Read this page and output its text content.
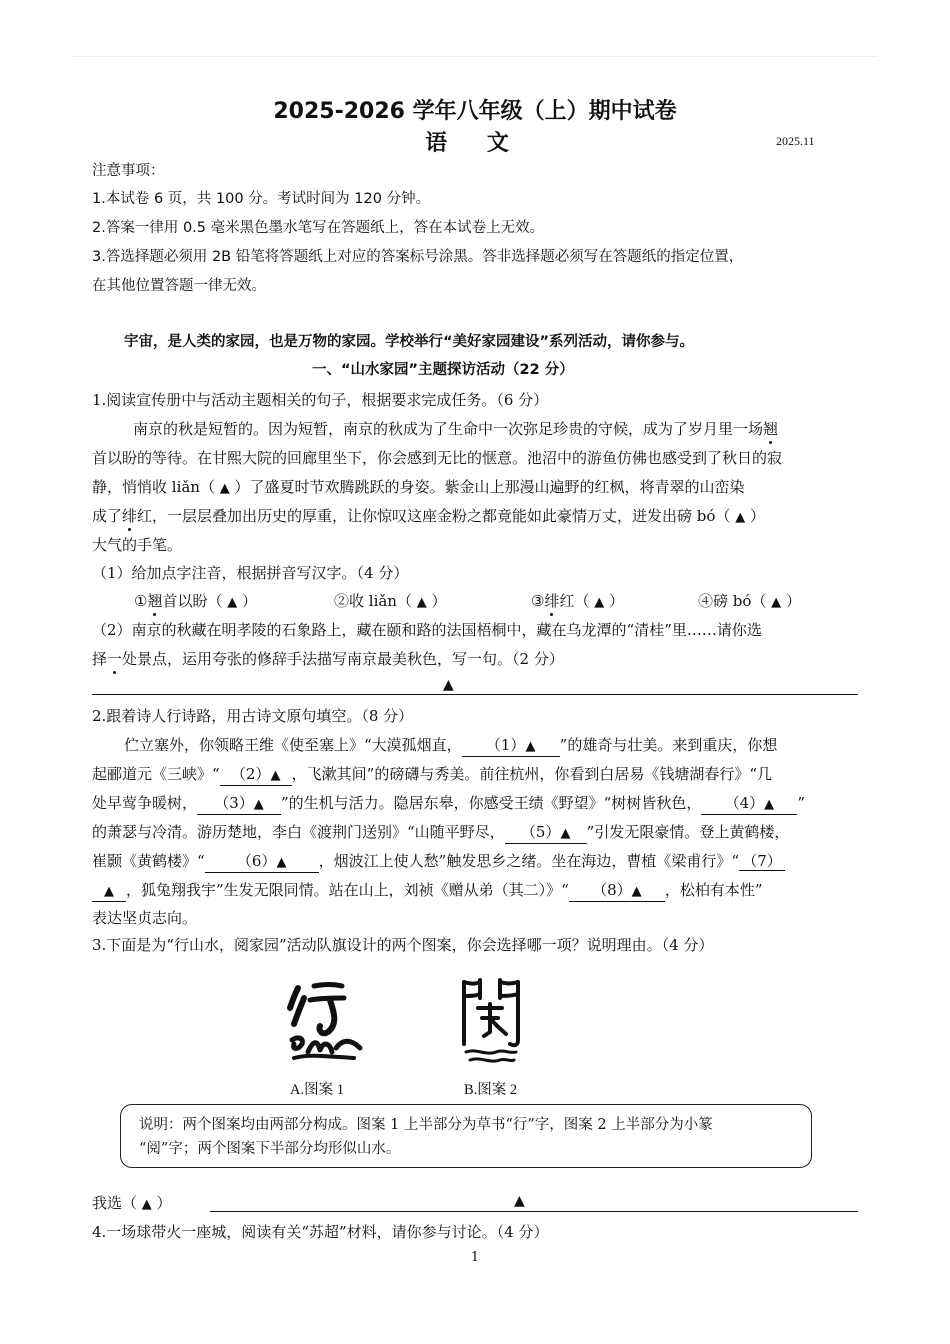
2025-2026 学年八年级（上）期中试卷
语 文	2025.11
注意事项：
1.本试卷 6 页，共 100 分。考试时间为 120 分钟。
2.答案一律用 0.5 毫米黑色墨水笔写在答题纸上，答在本试卷上无效。
3.答选择题必须用 2B 铅笔将答题纸上对应的答案标号涂黑。答非选择题必须写在答题纸的指定位置，
在其他位置答题一律无效。
宇宙，是人类的家园，也是万物的家园。学校举行“美好家园建设”系列活动，请你参与。
一、“山水家园”主题探访活动（22 分）
1.阅读宣传册中与活动主题相关的句子，根据要求完成任务。（6 分）
南京的秋是短暂的。因为短暂，南京的秋成为了生命中一次弥足珍贵的守候，成为了岁月里一场翘
首以盼的等待。在甘熙大院的回廊里坐下，你会感到无比的惬意。池沼中的游鱼仿佛也感受到了秋日的寂
静，悄悄收 liǎn（ ▲ ）了盛夏时节欢腾跳跃的身姿。紫金山上那漫山遍野的红枫，将青翠的山峦染
成了绯红，一层层叠加出历史的厚重，让你惊叹这座金粉之都竟能如此豪情万丈，迸发出磅 bó（ ▲ ）
大气的手笔。
（1）给加点字注音，根据拼音写汉字。（4 分）
①翘首以盼（ ▲ ）	②收 liǎn（ ▲ ）	③绯红（ ▲ ）	④磅 bó（ ▲ ）
（2）南京的秋藏在明孝陵的石象路上，藏在颐和路的法国梧桐中，藏在乌龙潭的“清桂”里……请你选
择一处景点，运用夸张的修辞手法描写南京最美秋色，写一句。（2 分）
▲
2.跟着诗人行诗路，用古诗文原句填空。（8 分）
伫立塞外，你领略王维《使至塞上》“大漠孤烟直， （1）▲ ”的雄奇与壮美。来到重庆，你想
起郦道元《三峡》“ （2）▲ ，飞漱其间”的磅礴与秀美。前往杭州，你看到白居易《钱塘湖春行》“几
处早莺争暖树， （3）▲ ”的生机与活力。隐居东皋，你感受王绩《野望》“树树皆秋色， （4）▲ ”
的萧瑟与冷清。游历楚地，李白《渡荆门送别》“山随平野尽， （5）▲ ”引发无限豪情。登上黄鹤楼，
崔颢《黄鹤楼》“ （6）▲ ，烟波江上使人愁”触发思乡之绪。坐在海边，曹植《梁甫行》“ （7）
▲ ，狐兔翔我宇”生发无限同情。站在山上，刘祯《赠从弟（其二）》“ （8）▲ ，松柏有本性”
表达坚贞志向。
3.下面是为“行山水，阅家园”活动队旗设计的两个图案，你会选择哪一项？说明理由。（4 分）
A.图案 1	B.图案 2
说明：两个图案均由两部分构成。图案 1 上半部分为草书“行”字，图案 2 上半部分为小篆
“阅”字；两个图案下半部分均形似山水。
我选（ ▲ ）	▲
4.一场球带火一座城，阅读有关“苏超”材料，请你参与讨论。（4 分）
1
